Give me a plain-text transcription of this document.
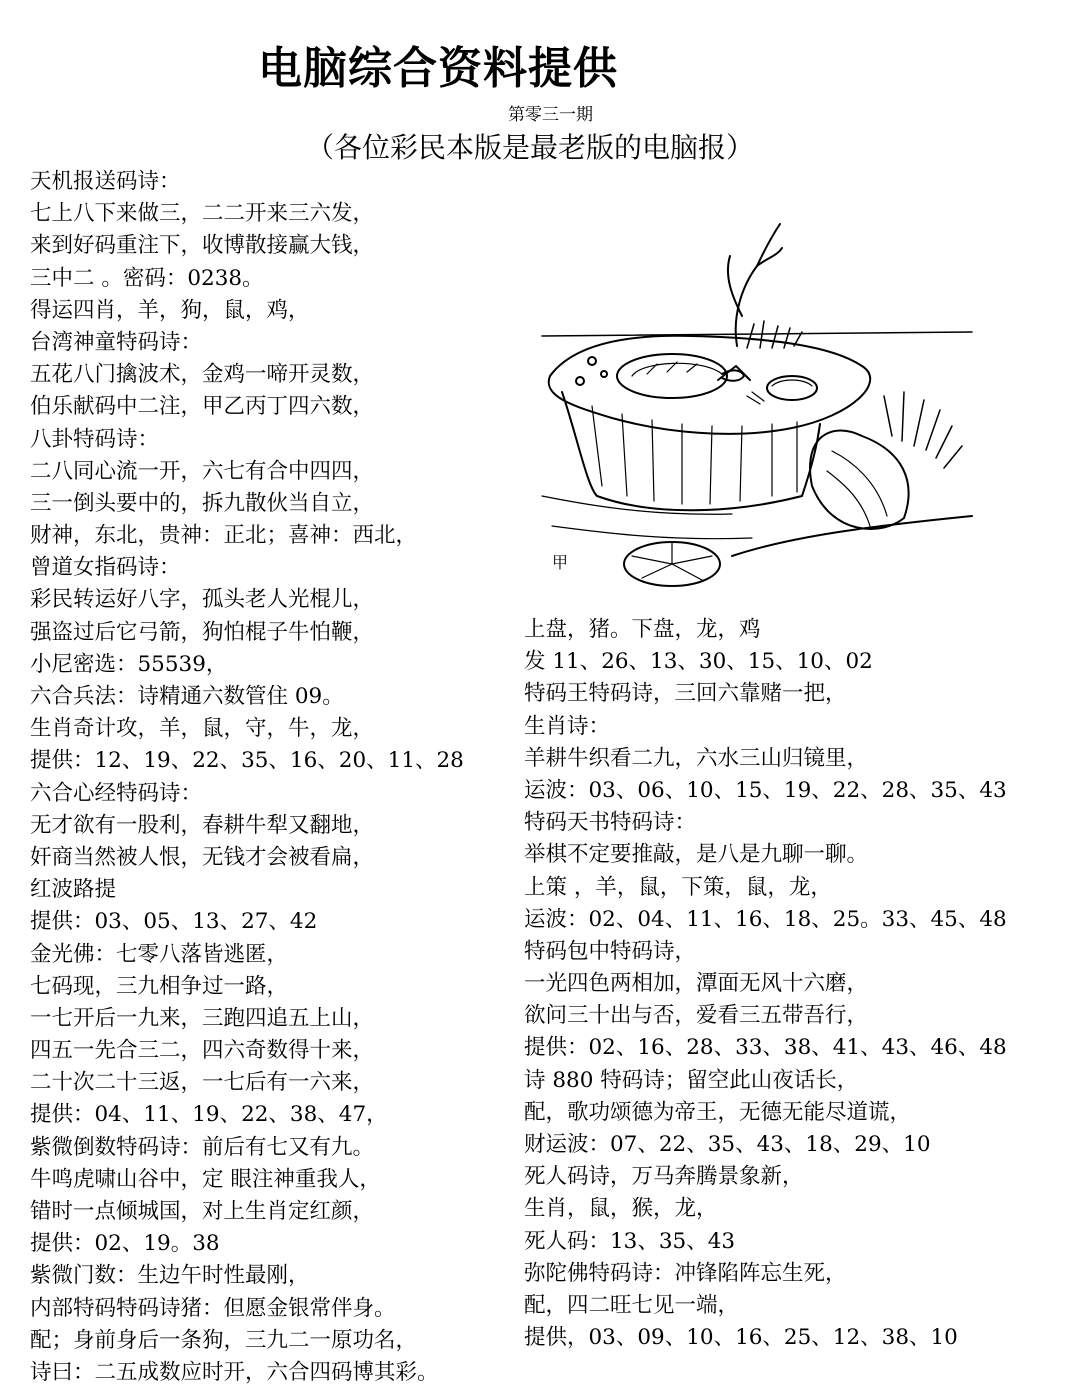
电脑综合资料提供
第零三一期
（各位彩民本版是最老版的电脑报）
天机报送码诗：
七上八下来做三，二二开来三六发，
来到好码重注下，收博散接赢大钱，
三中二 。密码：0238。
得运四肖，羊，狗，鼠，鸡，
台湾神童特码诗：
五花八门擒波术，金鸡一啼开灵数，
伯乐献码中二注，甲乙丙丁四六数，
八卦特码诗：
二八同心流一开，六七有合中四四，
三一倒头要中的，拆九散伙当自立，
财神，东北，贵神：正北；喜神：西北，
曾道女指码诗：
彩民转运好八字，孤头老人光棍儿，
强盗过后它弓箭，狗怕棍子牛怕鞭，
小尼密选：55539，
六合兵法：诗精通六数管住 09。
生肖奇计攻，羊，鼠，守，牛，龙，
提供：12、19、22、35、16、20、11、28
六合心经特码诗：
无才欲有一股利，春耕牛犁又翻地，
奸商当然被人恨，无钱才会被看扁，
红波路提
提供：03、05、13、27、42
金光佛：七零八落皆逃匿，
七码现，三九相争过一路，
一七开后一九来，三跑四追五上山，
四五一先合三二，四六奇数得十来，
二十次二十三返，一七后有一六来，
提供：04、11、19、22、38、47，
紫微倒数特码诗：前后有七又有九。
牛鸣虎啸山谷中，定 眼注神重我人，
错时一点倾城国，对上生肖定红颜，
提供：02、19。38
紫微门数：生边午时性最刚，
内部特码特码诗猪：但愿金银常伴身。
配；身前身后一条狗，三九二一原功名，
诗曰：二五成数应时开，六合四码博其彩。
上盘，猪。下盘，龙，鸡
发 11、26、13、30、15、10、02
特码王特码诗，三回六靠赌一把，
生肖诗：
羊耕牛织看二九，六水三山归镜里，
运波：03、06、10、15、19、22、28、35、43
特码天书特码诗：
举棋不定要推敲，是八是九聊一聊。
上策 ，羊，鼠，下策，鼠，龙，
运波：02、04、11、16、18、25。33、45、48
特码包中特码诗，
一光四色两相加，潭面无风十六磨，
欲问三十出与否，爱看三五带吾行，
提供：02、16、28、33、38、41、43、46、48
诗 880 特码诗；留空此山夜话长，
配，歌功颂德为帝王，无德无能尽道谎，
财运波：07、22、35、43、18、29、10
死人码诗，万马奔腾景象新，
生肖，鼠，猴，龙，
死人码：13、35、43
弥陀佛特码诗：冲锋陷阵忘生死，
配，四二旺七见一端，
提供，03、09、10、16、25、12、38、10
甲
